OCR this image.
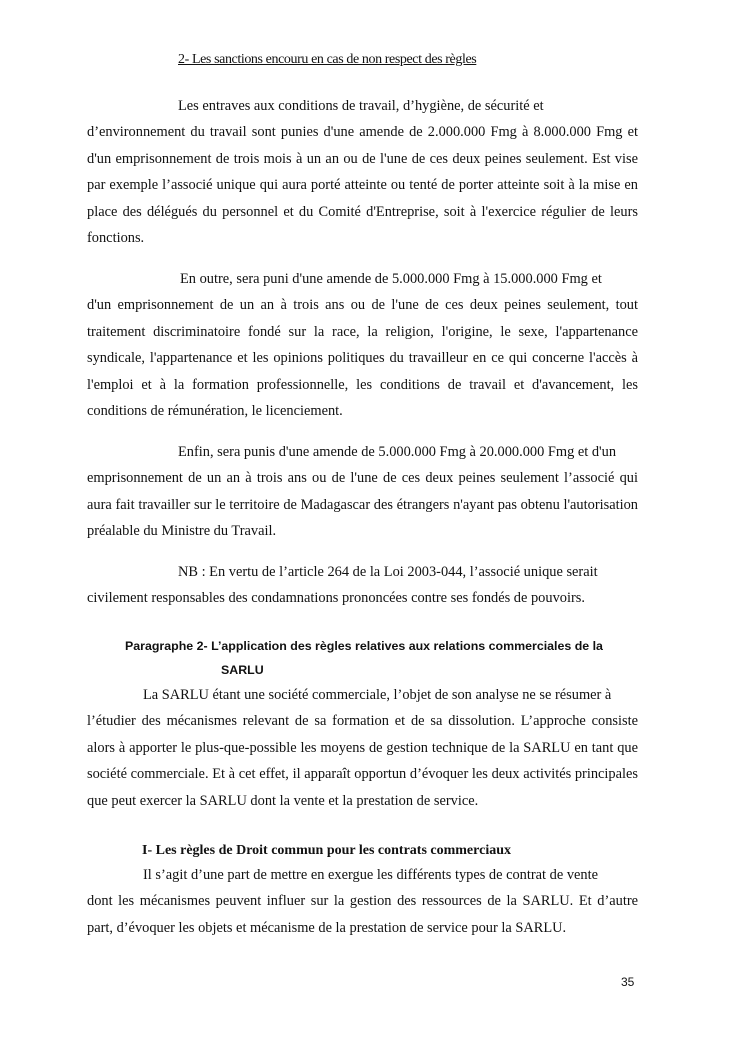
2- Les sanctions encouru en cas de non respect des règles
Les entraves aux conditions de travail, d’hygiène, de sécurité et
d’environnement du travail sont punies d'une amende de 2.000.000 Fmg à 8.000.000 Fmg et d'un emprisonnement de trois mois à un an ou de l'une de ces deux peines seulement. Est vise par exemple l’associé unique qui aura porté atteinte ou tenté de porter atteinte soit à la mise en place des délégués du personnel et du Comité d'Entreprise, soit à l'exercice régulier de leurs fonctions.
En outre, sera puni d'une amende de 5.000.000 Fmg à 15.000.000 Fmg et
d'un emprisonnement de un an à trois ans ou de l'une de ces deux peines seulement, tout traitement discriminatoire fondé sur la race, la religion, l'origine, le sexe, l'appartenance syndicale, l'appartenance et les opinions politiques du travailleur en ce qui concerne l'accès à l'emploi et à la formation professionnelle, les conditions de travail et d'avancement, les conditions de rémunération, le licenciement.
Enfin, sera punis d'une amende de 5.000.000 Fmg à 20.000.000 Fmg et d'un
emprisonnement de un an à trois ans ou de l'une de ces deux peines seulement l’associé qui aura fait travailler sur le territoire de Madagascar des étrangers n'ayant pas obtenu l'autorisation préalable du Ministre du Travail.
NB : En vertu de l’article 264 de la Loi 2003-044, l’associé unique serait
civilement responsables des condamnations prononcées contre ses fondés de pouvoirs.
Paragraphe 2- L’application des règles relatives aux relations commerciales de la
SARLU
La SARLU étant une société commerciale, l’objet de son analyse ne se résumer à
l’étudier des mécanismes relevant de sa formation et de sa dissolution. L’approche consiste alors à apporter le plus-que-possible les moyens de gestion technique de la SARLU en tant que société commerciale. Et à cet effet, il apparaît opportun d’évoquer les deux activités principales que peut exercer la SARLU dont la vente et la prestation de service.
I- Les règles de Droit commun pour les contrats commerciaux
Il s’agit d’une part de mettre en exergue les différents types de contrat de vente
dont les mécanismes peuvent influer sur la gestion des ressources de la SARLU. Et d’autre part, d’évoquer les objets et mécanisme de la prestation de service pour la SARLU.
35
